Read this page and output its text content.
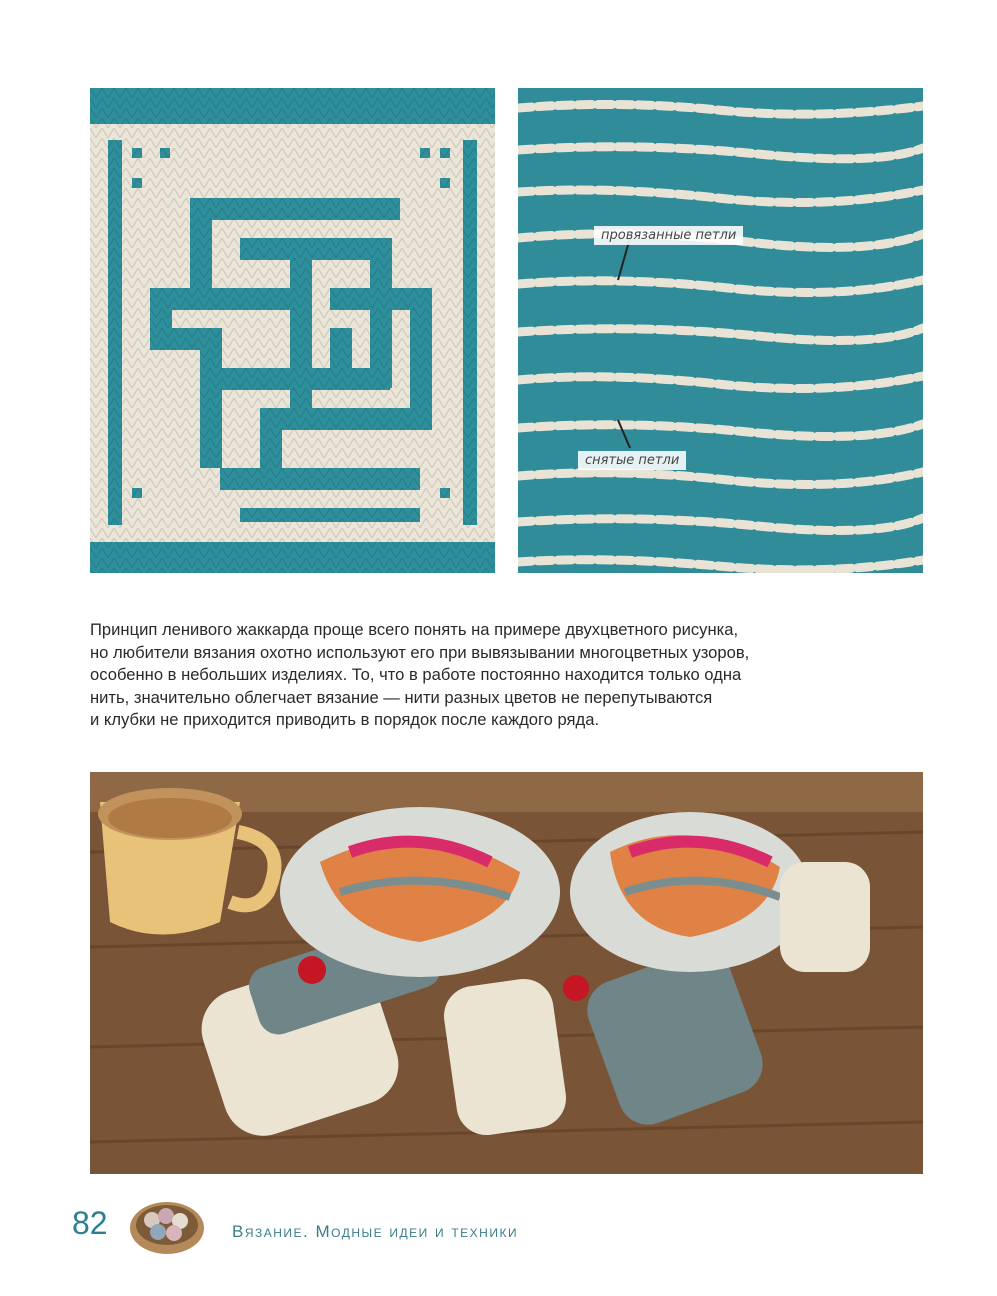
провязанные петли
снятые петли

Принцип ленивого жаккарда проще всего понять на примере двухцветного рисунка,
но любители вязания охотно используют его при вывязывании многоцветных узоров,
особенно в небольших изделиях. То, что в работе постоянно находится только одна
нить, значительно облегчает вязание — нити разных цветов не перепутываются
и клубки не приходится приводить в порядок после каждого ряда.

82	Вязание. Модные идеи и техники
